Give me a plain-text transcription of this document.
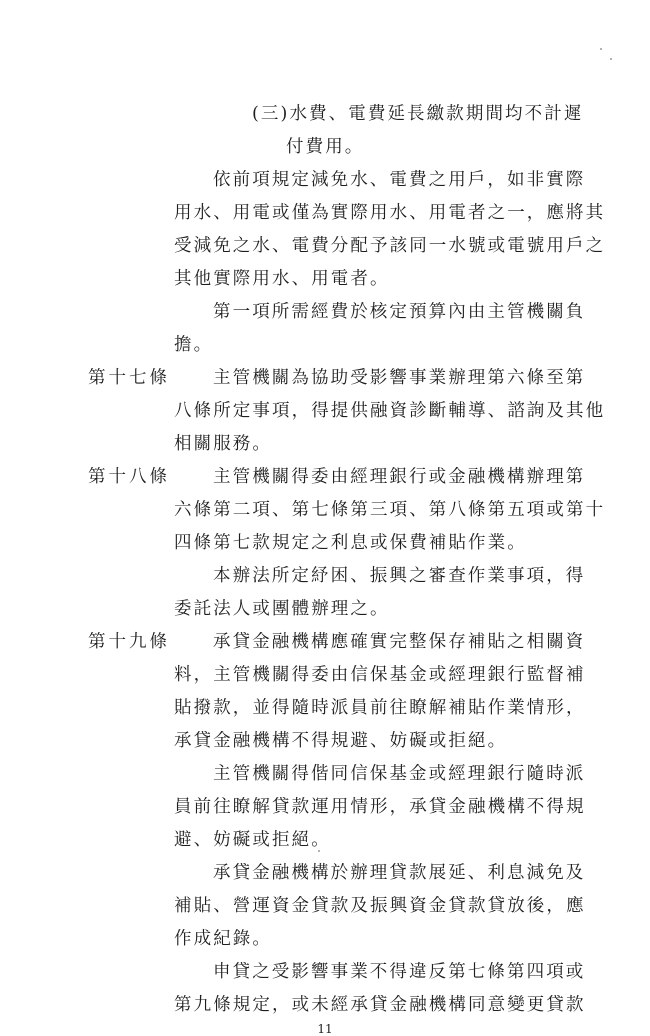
11

(三)水費、電費延長繳款期間均不計遲

付費用。

依前項規定減免水、電費之用戶，如非實際

用水、用電或僅為實際用水、用電者之一，應將其

受減免之水、電費分配予該同一水號或電號用戶之

其他實際用水、用電者。

第一項所需經費於核定預算內由主管機關負

擔。

第十七條 主管機關為協助受影響事業辦理第六條至第

八條所定事項，得提供融資診斷輔導、諮詢及其他

相關服務。

第十八條 主管機關得委由經理銀行或金融機構辦理第

六條第二項、第七條第三項、第八條第五項或第十

四條第七款規定之利息或保費補貼作業。

本辦法所定紓困、振興之審查作業事項，得

委託法人或團體辦理之。

第十九條 承貸金融機構應確實完整保存補貼之相關資

料，主管機關得委由信保基金或經理銀行監督補

貼撥款，並得隨時派員前往瞭解補貼作業情形，

承貸金融機構不得規避、妨礙或拒絕。

主管機關得偕同信保基金或經理銀行隨時派

員前往瞭解貸款運用情形，承貸金融機構不得規

避、妨礙或拒絕。

承貸金融機構於辦理貸款展延、利息減免及

補貼、營運資金貸款及振興資金貸款貸放後，應

作成紀錄。

申貸之受影響事業不得違反第七條第四項或

第九條規定，或未經承貸金融機構同意變更貸款
